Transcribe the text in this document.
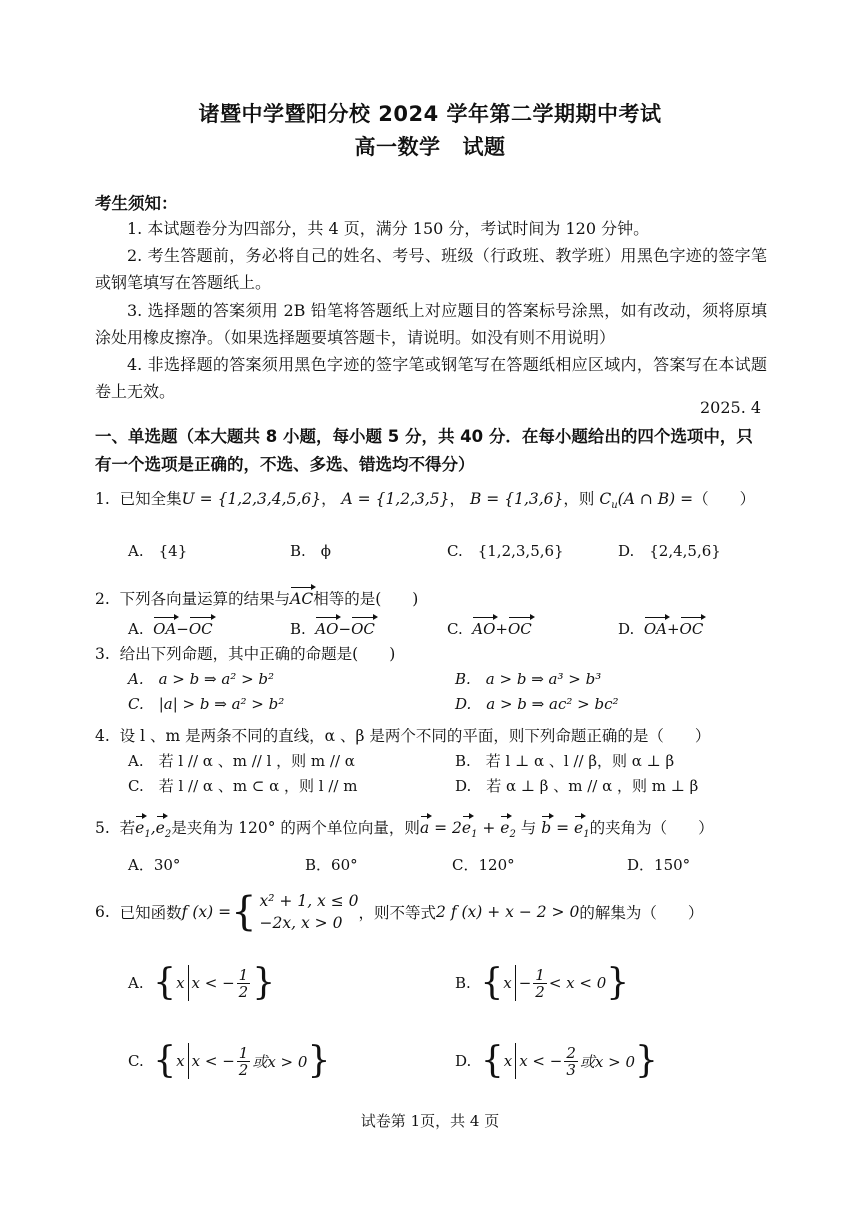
诸暨中学暨阳分校 2024 学年第二学期期中考试
高一数学 试题
考生须知：

1. 本试题卷分为四部分，共 4 页，满分 150 分，考试时间为 120 分钟。

2. 考生答题前，务必将自己的姓名、考号、班级（行政班、教学班）用黑色字迹的签字笔或钢笔填写在答题纸上。

3. 选择题的答案须用 2B 铅笔将答题纸上对应题目的答案标号涂黑，如有改动，须将原填涂处用橡皮擦净。（如果选择题要填答题卡，请说明。如没有则不用说明）

4. 非选择题的答案须用黑色字迹的签字笔或钢笔写在答题纸相应区域内，答案写在本试题卷上无效。

2025. 4
一、单选题（本大题共 8 小题，每小题 5 分，共 40 分．在每小题给出的四个选项中，只有一个选项是正确的，不选、多选、错选均不得分）
1. 已知全集U = {1,2,3,4,5,6}， A = {1,2,3,5}， B = {1,3,6}，则 $C_u(A$ ∩ B) =（　　）
A.　{4}	B.　ϕ	C.　{1,2,3,5,6}	D.　{2,4,5,6}
2. 下列各向量运算的结果与AC相等的是(　　)
A. OA−OC	B. AO−OC	C. AO+OC	D. OA+OC
3. 给出下列命题，其中正确的命题是(　　)
A.　a > b ⇒ a² > b²	B.　a > b ⇒ a³ > b³
C.　|a| > b ⇒ a² > b²	D.　a > b ⇒ ac² > bc²
4. 设 l 、m 是两条不同的直线，α 、β 是两个不同的平面，则下列命题正确的是（　　）
A.　若 l // α 、m // l ，则 m // α	B.　若 l ⊥ α 、l // β，则 α ⊥ β
C.　若 l // α 、m ⊂ α ，则 l // m	D.　若 α ⊥ β 、m // α ，则 m ⊥ β
5. 若$e_1,e_2$是夹角为 120° 的两个单位向量，则$a = 2e_1 + e_2$ 与 $b = e_1$的夹角为（　　）
A．30°	B．60°	C．120°	D．150°
6.
已知函数 f (x) = { x² + 1, x ≤ 0
−2x, x > 0
，则不等式 2 f (x) + x − 2 > 0 的解集为（　　）
A.
{ x x < − $\frac{1}{2}$ }	B.
{ $x - \frac{1}{2} < x < 0$ }
C.
{ x x < − $\frac{1}{2}$ 或x > 0 }	D.
{ x x < − $\frac{2}{3}$ 或x > 0 }
试卷第 1页，共 4 页
